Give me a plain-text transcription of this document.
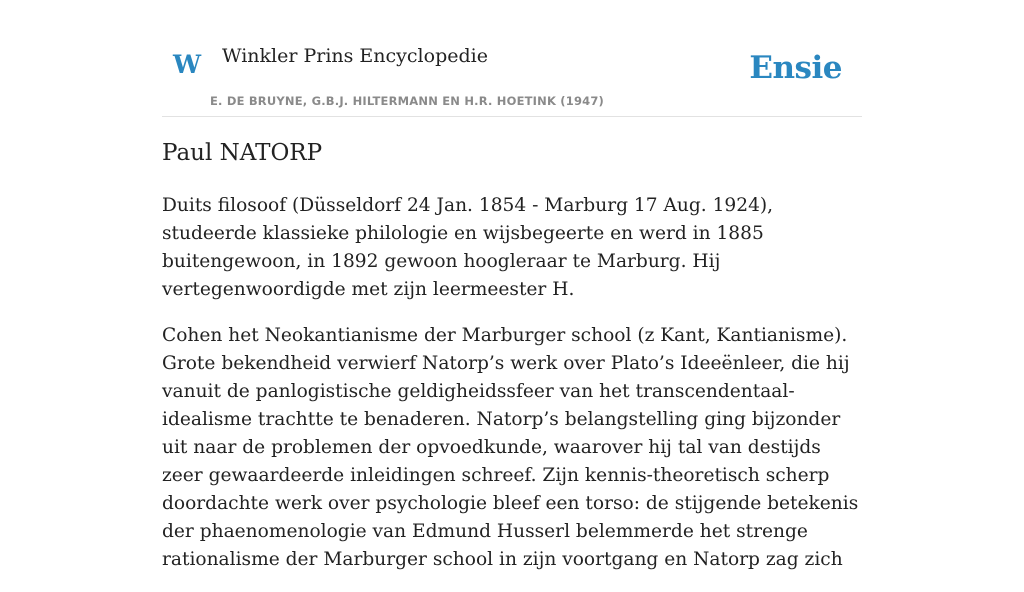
W Winkler Prins Encyclopedie
E. DE BRUYNE, G.B.J. HILTERMANN EN H.R. HOETINK (1947)
Ensie
Paul NATORP

Duits filosoof (Düsseldorf 24 Jan. 1854 - Marburg 17 Aug. 1924), studeerde klassieke philologie en wijsbegeerte en werd in 1885 buitengewoon, in 1892 gewoon hoogleraar te Marburg. Hij vertegenwoordigde met zijn leermeester H.

Cohen het Neokantianisme der Marburger school (z Kant, Kantianisme). Grote bekendheid verwierf Natorp’s werk over Plato’s Ideeënleer, die hij vanuit de panlogistische geldigheidssfeer van het transcendentaal-idealisme trachtte te benaderen. Natorp’s belangstelling ging bijzonder uit naar de problemen der opvoedkunde, waarover hij tal van destijds zeer gewaardeerde inleidingen schreef. Zijn kennis-theoretisch scherp doordachte werk over psychologie bleef een torso: de stijgende betekenis der phaenomenologie van Edmund Husserl belemmerde het strenge rationalisme der Marburger school in zijn voortgang en Natorp zag zich
